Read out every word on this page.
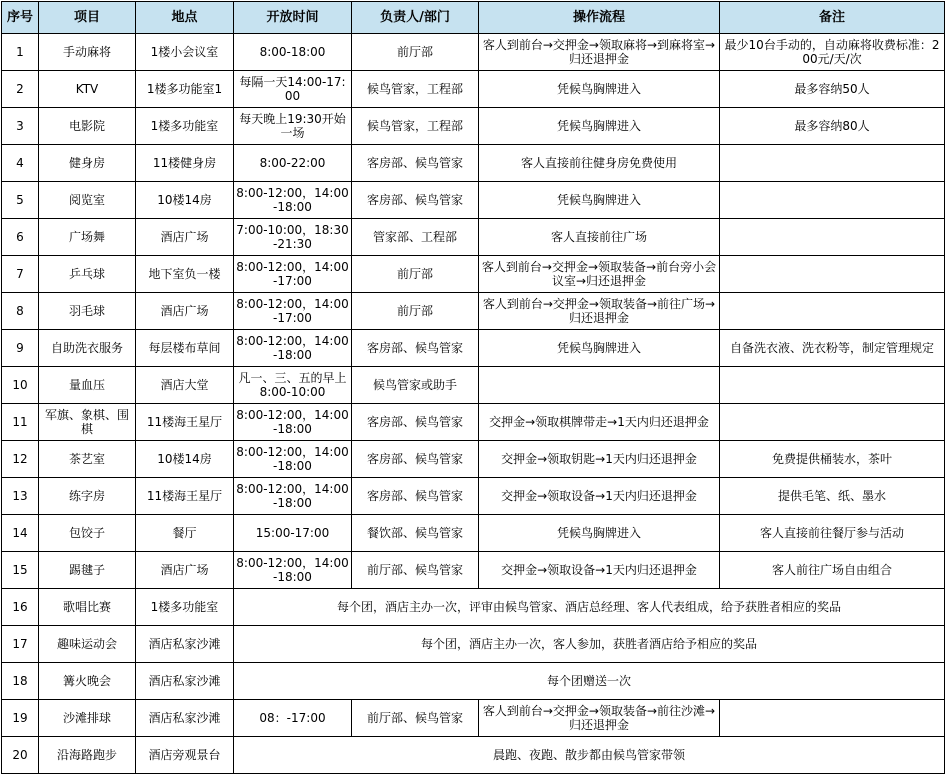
序号	项目	地点	开放时间	负责人/部门	操作流程	备注
1	手动麻将	1楼小会议室	8:00-18:00	前厅部	客人到前台→交押金→领取麻将→到麻将室→归还退押金	最少10台手动的，自动麻将收费标准：200元/天/次

2	KTV	1楼多功能室1	每隔一天14:00-17:00	候鸟管家，工程部	凭候鸟胸牌进入	最多容纳50人
3	电影院	1楼多功能室	每天晚上19:30开始一场	候鸟管家，工程部	凭候鸟胸牌进入	最多容纳80人
4	健身房	11楼健身房	8:00-22:00	客房部、候鸟管家	客人直接前往健身房免费使用	
5	阅览室	10楼14房	8:00-12:00，14:00-18:00	客房部、候鸟管家	凭候鸟胸牌进入	
6	广场舞	酒店广场	7:00-10:00，18:30-21:30	管家部、工程部	客人直接前往广场	
7	乒乓球	地下室负一楼	8:00-12:00，14:00-17:00	前厅部	客人到前台→交押金→领取装备→前台旁小会议室→归还退押金	

8	羽毛球	酒店广场	8:00-12:00，14:00-17:00	前厅部	客人到前台→交押金→领取装备→前往广场→归还退押金	

9	自助洗衣服务	每层楼布草间	8:00-12:00，14:00-18:00	客房部、候鸟管家	凭候鸟胸牌进入	自备洗衣液、洗衣粉等，制定管理规定

10	量血压	酒店大堂	凡一、三、五的早上8:00-10:00	候鸟管家或助手		
11	军旗、象棋、围棋	11楼海王星厅	8:00-12:00，14:00-18:00	客房部、候鸟管家	交押金→领取棋牌带走→1天内归还退押金	

12	茶艺室	10楼14房	8:00-12:00，14:00-18:00	客房部、候鸟管家	交押金→领取钥匙→1天内归还退押金	免费提供桶装水，茶叶
13	练字房	11楼海王星厅	8:00-12:00，14:00-18:00	客房部、候鸟管家	交押金→领取设备→1天内归还退押金	提供毛笔、纸、墨水
14	包饺子	餐厅	15:00-17:00	餐饮部、候鸟管家	凭候鸟胸牌进入	客人直接前往餐厅参与活动
15	踢毽子	酒店广场	8:00-12:00，14:00-18:00	前厅部、候鸟管家	交押金→领取设备→1天内归还退押金	客人前往广场自由组合
16	歌唱比赛	1楼多功能室	每个团，酒店主办一次，评审由候鸟管家、酒店总经理、客人代表组成，给予获胜者相应的奖品			
17	趣味运动会	酒店私家沙滩	每个团，酒店主办一次，客人参加，获胜者酒店给予相应的奖品			
18	篝火晚会	酒店私家沙滩	每个团赠送一次			
19	沙滩排球	酒店私家沙滩	08：-17:00	前厅部、候鸟管家	客人到前台→交押金→领取装备→前往沙滩→归还退押金	

20	沿海路跑步	酒店旁观景台	晨跑、夜跑、散步都由候鸟管家带领			
